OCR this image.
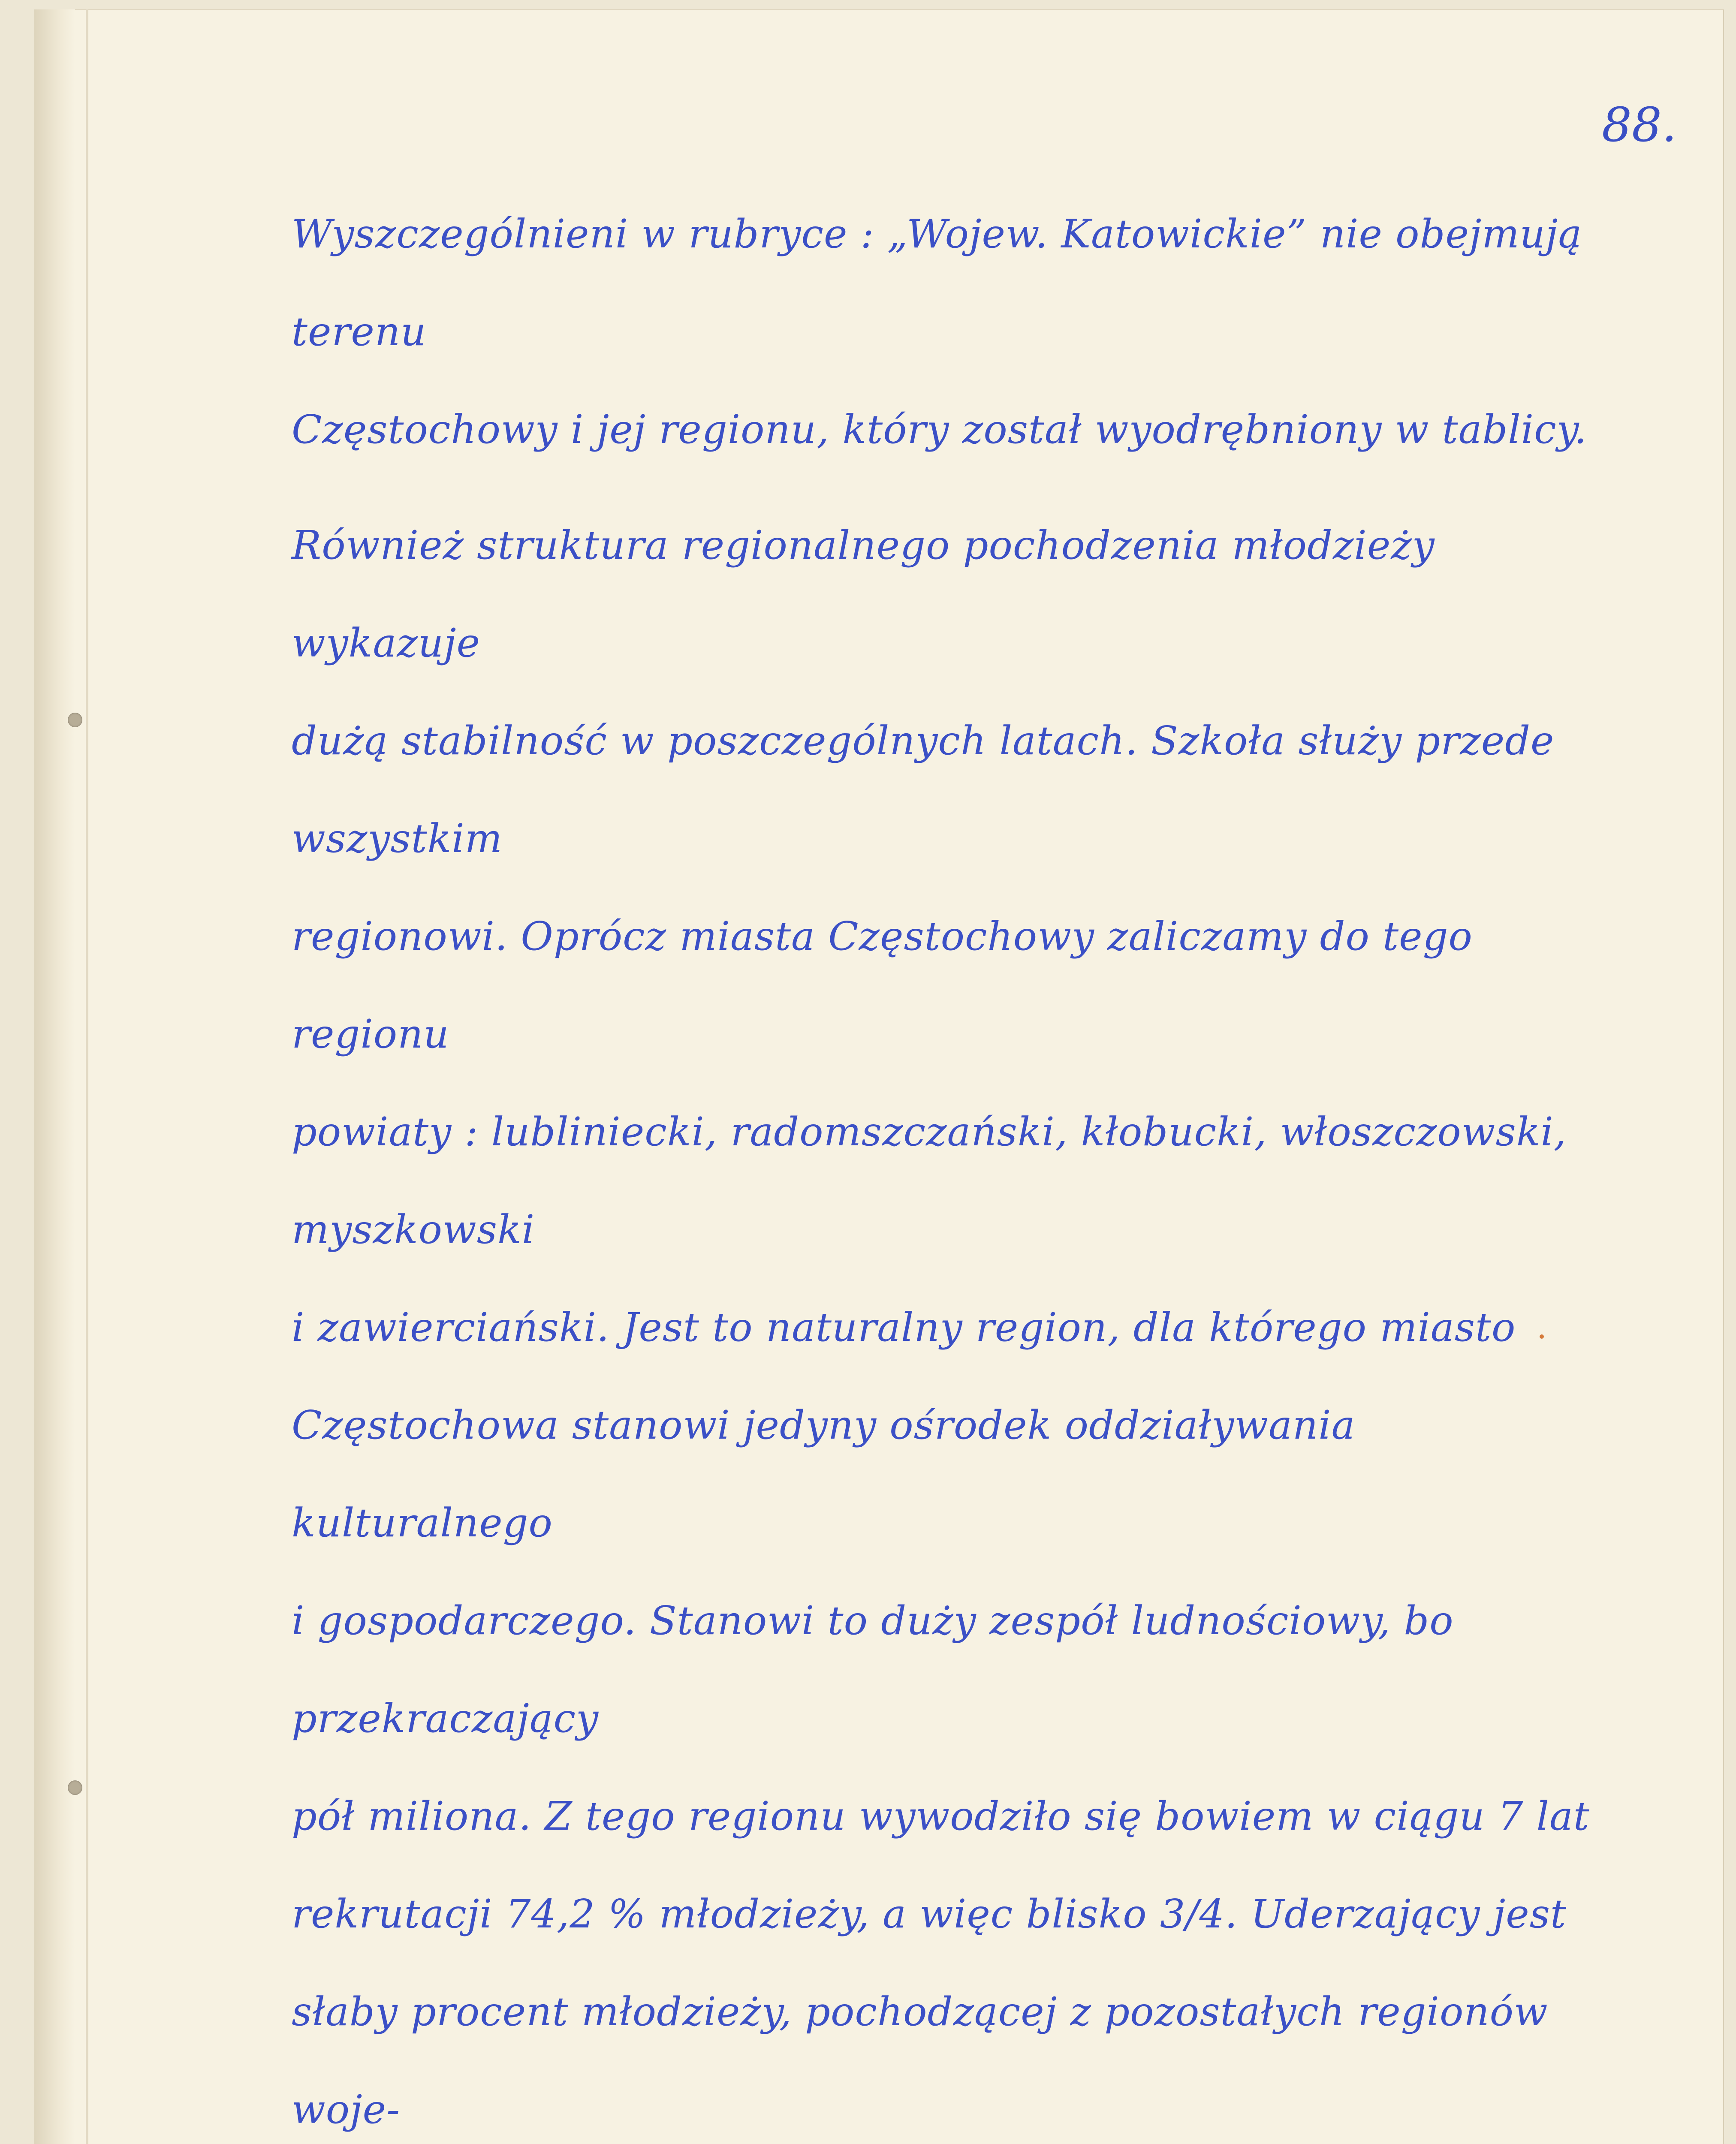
88.

Wyszczególnieni w rubryce : „Wojew. Katowickie” nie obejmują terenu
Częstochowy i jej regionu, który został wyodrębniony w tablicy.

Również struktura regionalnego pochodzenia młodzieży wykazuje
dużą stabilność w poszczególnych latach. Szkoła służy przede wszystkim
regionowi. Oprócz miasta Częstochowy zaliczamy do tego regionu
powiaty : lubliniecki, radomszczański, kłobucki, włoszczowski, myszkowski
i zawierciański. Jest to naturalny region, dla którego miasto
Częstochowa stanowi jedyny ośrodek oddziaływania kulturalnego
i gospodarczego. Stanowi to duży zespół ludnościowy, bo przekraczający
pół miliona. Z tego regionu wywodziło się bowiem w ciągu 7 lat
rekrutacji 74,2 % młodzieży, a więc blisko 3/4. Uderzający jest
słaby procent młodzieży, pochodzącej z pozostałych regionów woje-
